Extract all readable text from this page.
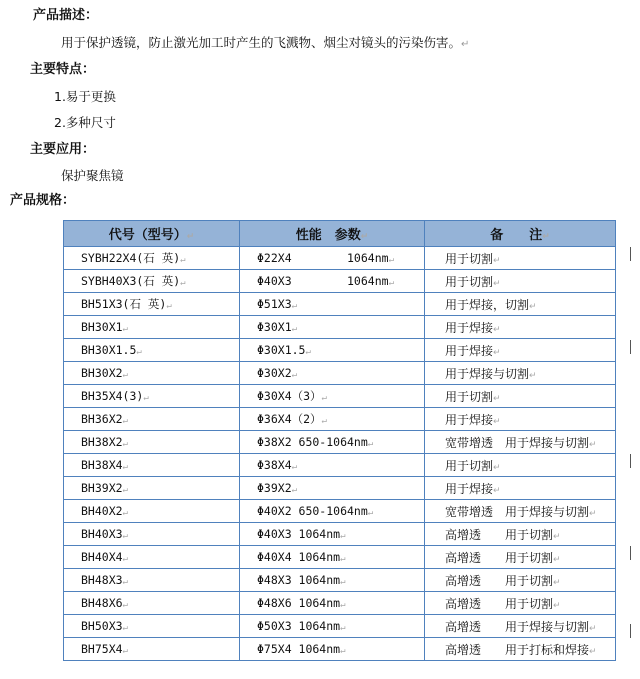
产品描述：
用于保护透镜，防止激光加工时产生的飞溅物、烟尘对镜头的污染伤害。↵
主要特点：
1.易于更换
2.多种尺寸
主要应用：
保护聚焦镜
产品规格：
代号（型号）↵	性能　参数↵	备　　注↵
SYBH22X4(石 英)↵	Φ22X4        1064nm↵	用于切割↵
SYBH40X3(石 英)↵	Φ40X3        1064nm↵	用于切割↵
BH51X3(石 英)↵	Φ51X3↵	用于焊接，切割↵
BH30X1↵	Φ30X1↵	用于焊接↵
BH30X1.5↵	Φ30X1.5↵	用于焊接↵
BH30X2↵	Φ30X2↵	用于焊接与切割↵
BH35X4(3)↵	Φ30X4（3）↵	用于切割↵
BH36X2↵	Φ36X4（2）↵	用于焊接↵
BH38X2↵	Φ38X2 650-1064nm↵	宽带增透　用于焊接与切割↵
BH38X4↵	Φ38X4↵	用于切割↵
BH39X2↵	Φ39X2↵	用于焊接↵
BH40X2↵	Φ40X2 650-1064nm↵	宽带增透　用于焊接与切割↵
BH40X3↵	Φ40X3 1064nm↵	高增透　　用于切割↵
BH40X4↵	Φ40X4 1064nm↵	高增透　　用于切割↵
BH48X3↵	Φ48X3 1064nm↵	高增透　　用于切割↵
BH48X6↵	Φ48X6 1064nm↵	高增透　　用于切割↵
BH50X3↵	Φ50X3 1064nm↵	高增透　　用于焊接与切割↵
BH75X4↵	Φ75X4 1064nm↵	高增透　　用于打标和焊接↵
